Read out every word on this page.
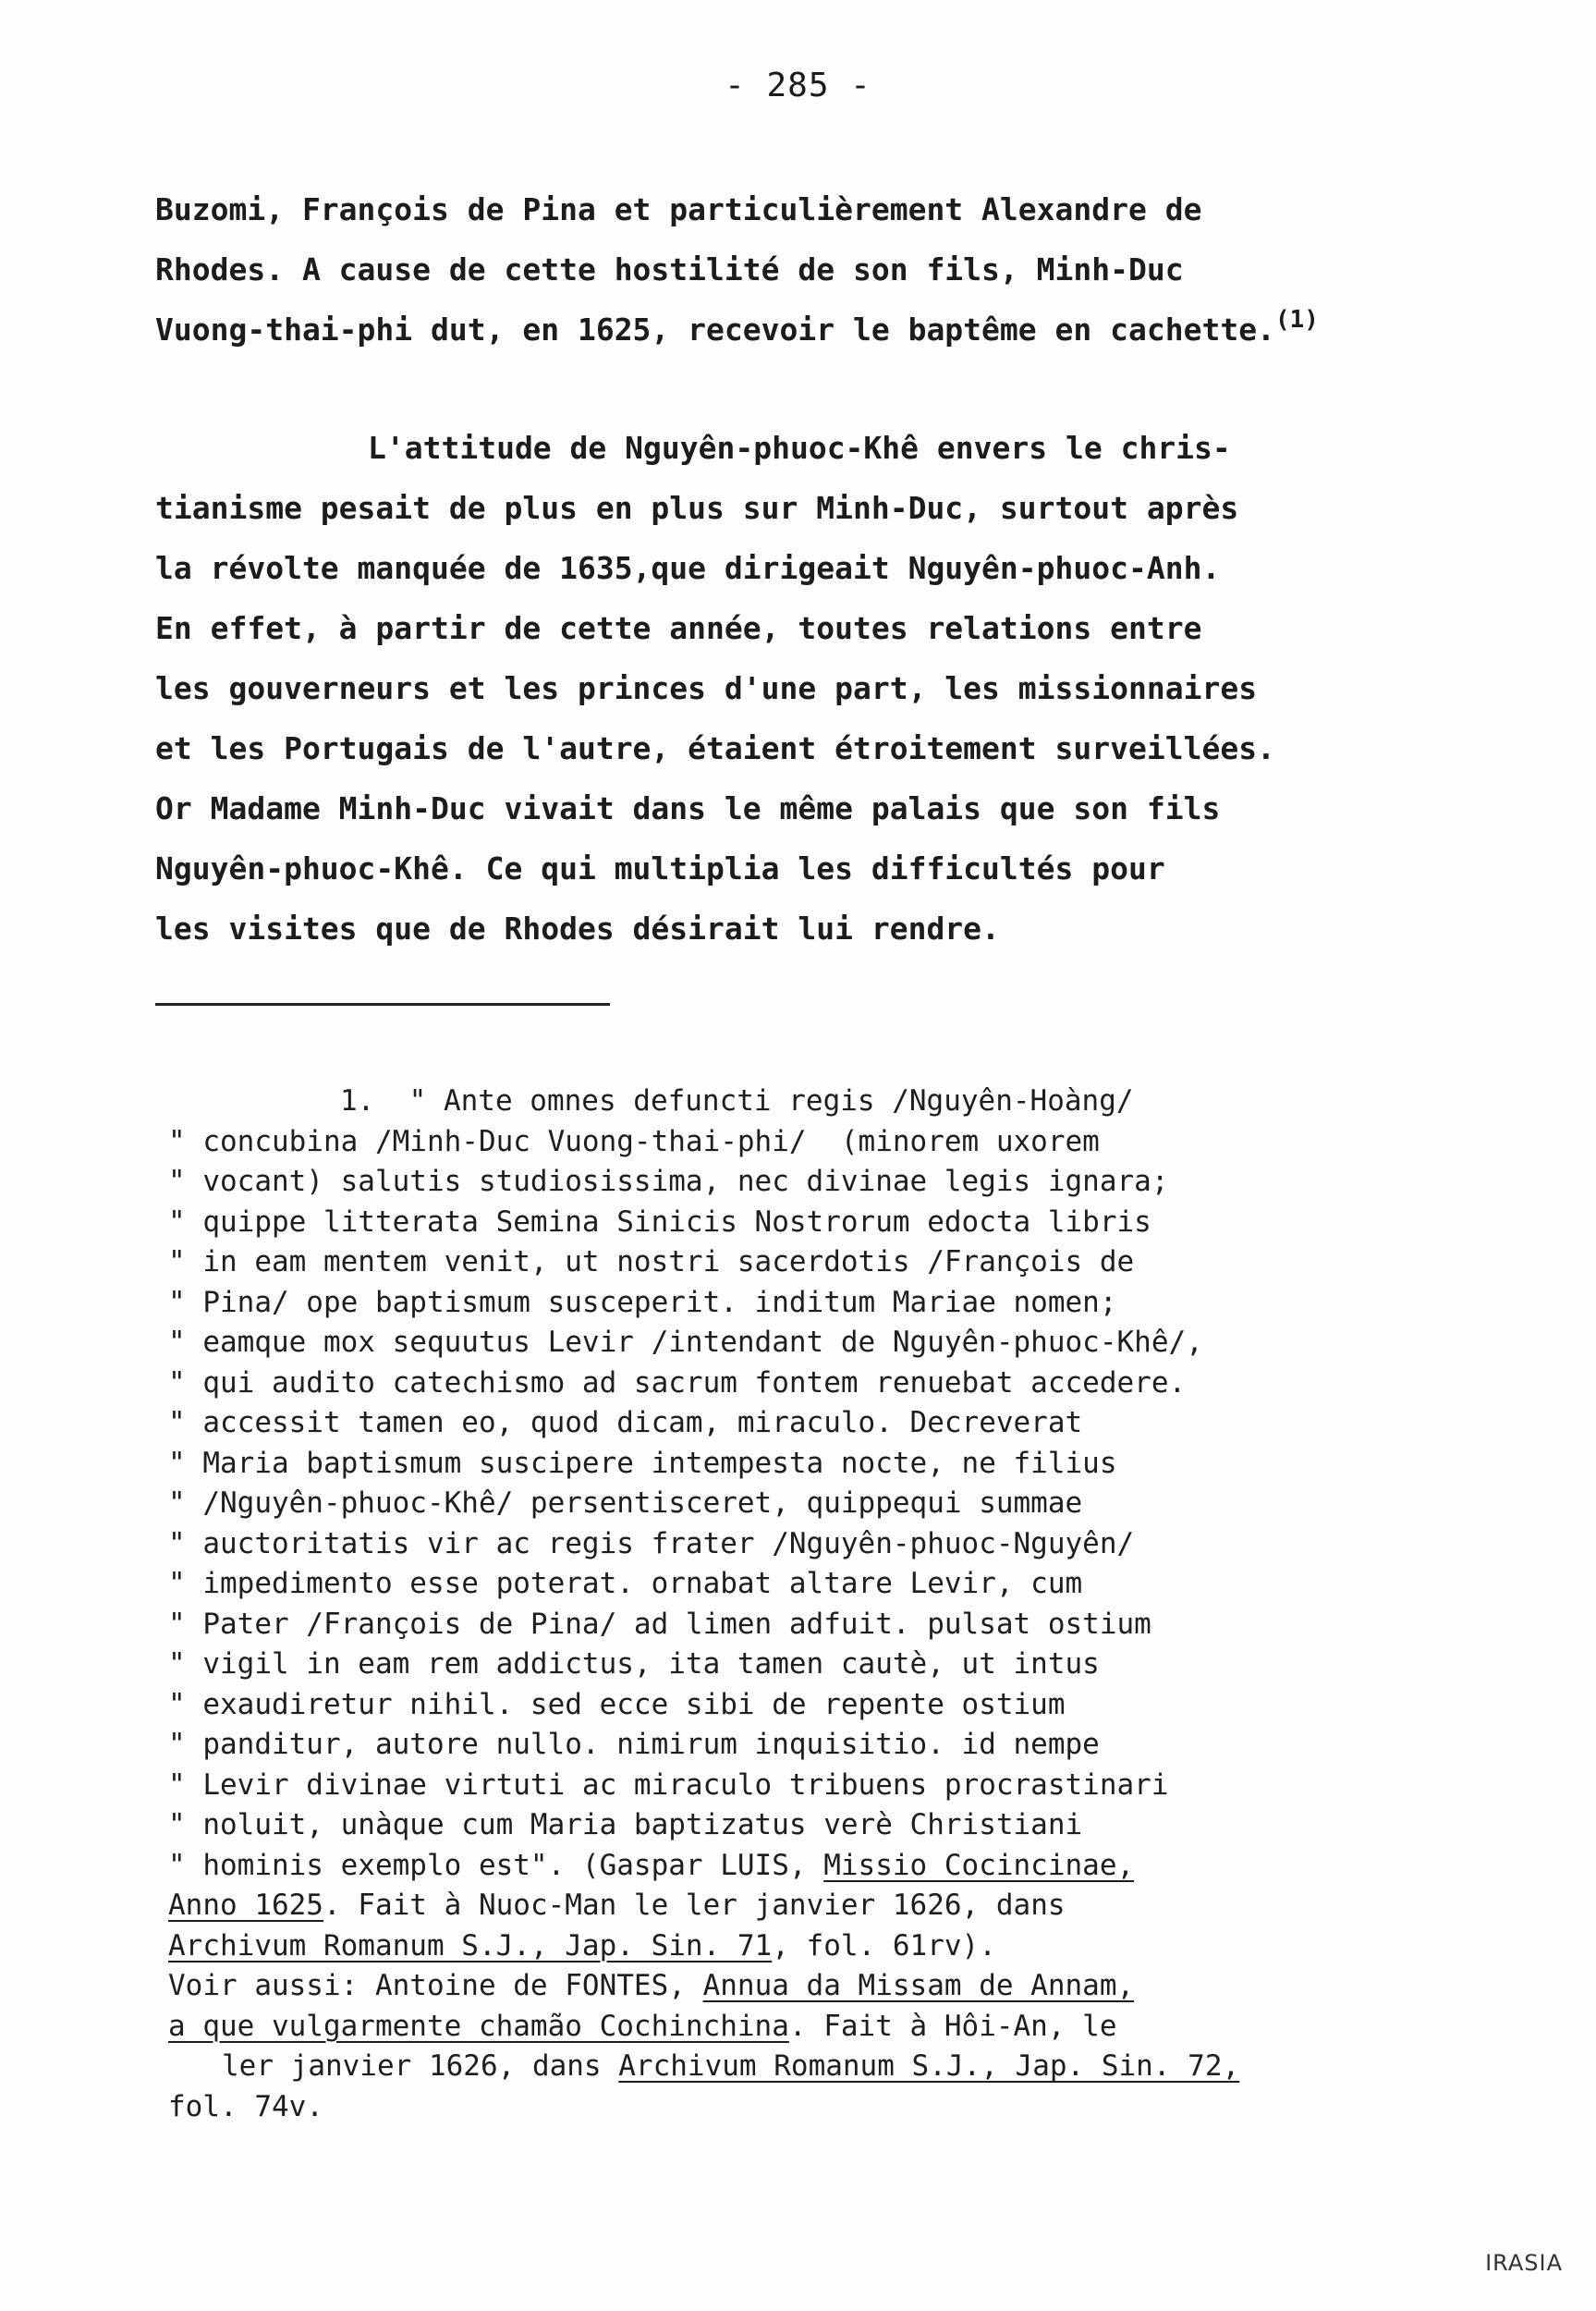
- 285 -
Buzomi, François de Pina et particulièrement Alexandre de
Rhodes. A cause de cette hostilité de son fils, Minh-Duc
Vuong-thai-phi dut, en 1625, recevoir le baptême en cachette.$^{(1)}$
L'attitude de Nguyên-phuoc-Khê envers le chris-
tianisme pesait de plus en plus sur Minh-Duc, surtout après
la révolte manquée de 1635,que dirigeait Nguyên-phuoc-Anh.
En effet, à partir de cette année, toutes relations entre
les gouverneurs et les princes d'une part, les missionnaires
et les Portugais de l'autre, étaient étroitement surveillées.
Or Madame Minh-Duc vivait dans le même palais que son fils
Nguyên-phuoc-Khê. Ce qui multiplia les difficultés pour
les visites que de Rhodes désirait lui rendre.
1.  " Ante omnes defuncti regis /Nguyên-Hoàng/
" concubina /Minh-Duc Vuong-thai-phi/  (minorem uxorem
" vocant) salutis studiosissima, nec divinae legis ignara;
" quippe litterata Semina Sinicis Nostrorum edocta libris
" in eam mentem venit, ut nostri sacerdotis /François de
" Pina/ ope baptismum susceperit. inditum Mariae nomen;
" eamque mox sequutus Levir /intendant de Nguyên-phuoc-Khê/,
" qui audito catechismo ad sacrum fontem renuebat accedere.
" accessit tamen eo, quod dicam, miraculo. Decreverat
" Maria baptismum suscipere intempesta nocte, ne filius
" /Nguyên-phuoc-Khê/ persentisceret, quippequi summae
" auctoritatis vir ac regis frater /Nguyên-phuoc-Nguyên/
" impedimento esse poterat. ornabat altare Levir, cum
" Pater /François de Pina/ ad limen adfuit. pulsat ostium
" vigil in eam rem addictus, ita tamen cautè, ut intus
" exaudiretur nihil. sed ecce sibi de repente ostium
" panditur, autore nullo. nimirum inquisitio. id nempe
" Levir divinae virtuti ac miraculo tribuens procrastinari
" noluit, unàque cum Maria baptizatus verè Christiani
" hominis exemplo est". (Gaspar LUIS, Missio Cocincinae,
Anno 1625. Fait à Nuoc-Man le ler janvier 1626, dans
Archivum Romanum S.J., Jap. Sin. 71, fol. 61rv).
Voir aussi: Antoine de FONTES, Annua da Missam de Annam,
a que vulgarmente chamão Cochinchina. Fait à Hôi-An, le
ler janvier 1626, dans Archivum Romanum S.J., Jap. Sin. 72,
fol. 74v.
IRASIA
